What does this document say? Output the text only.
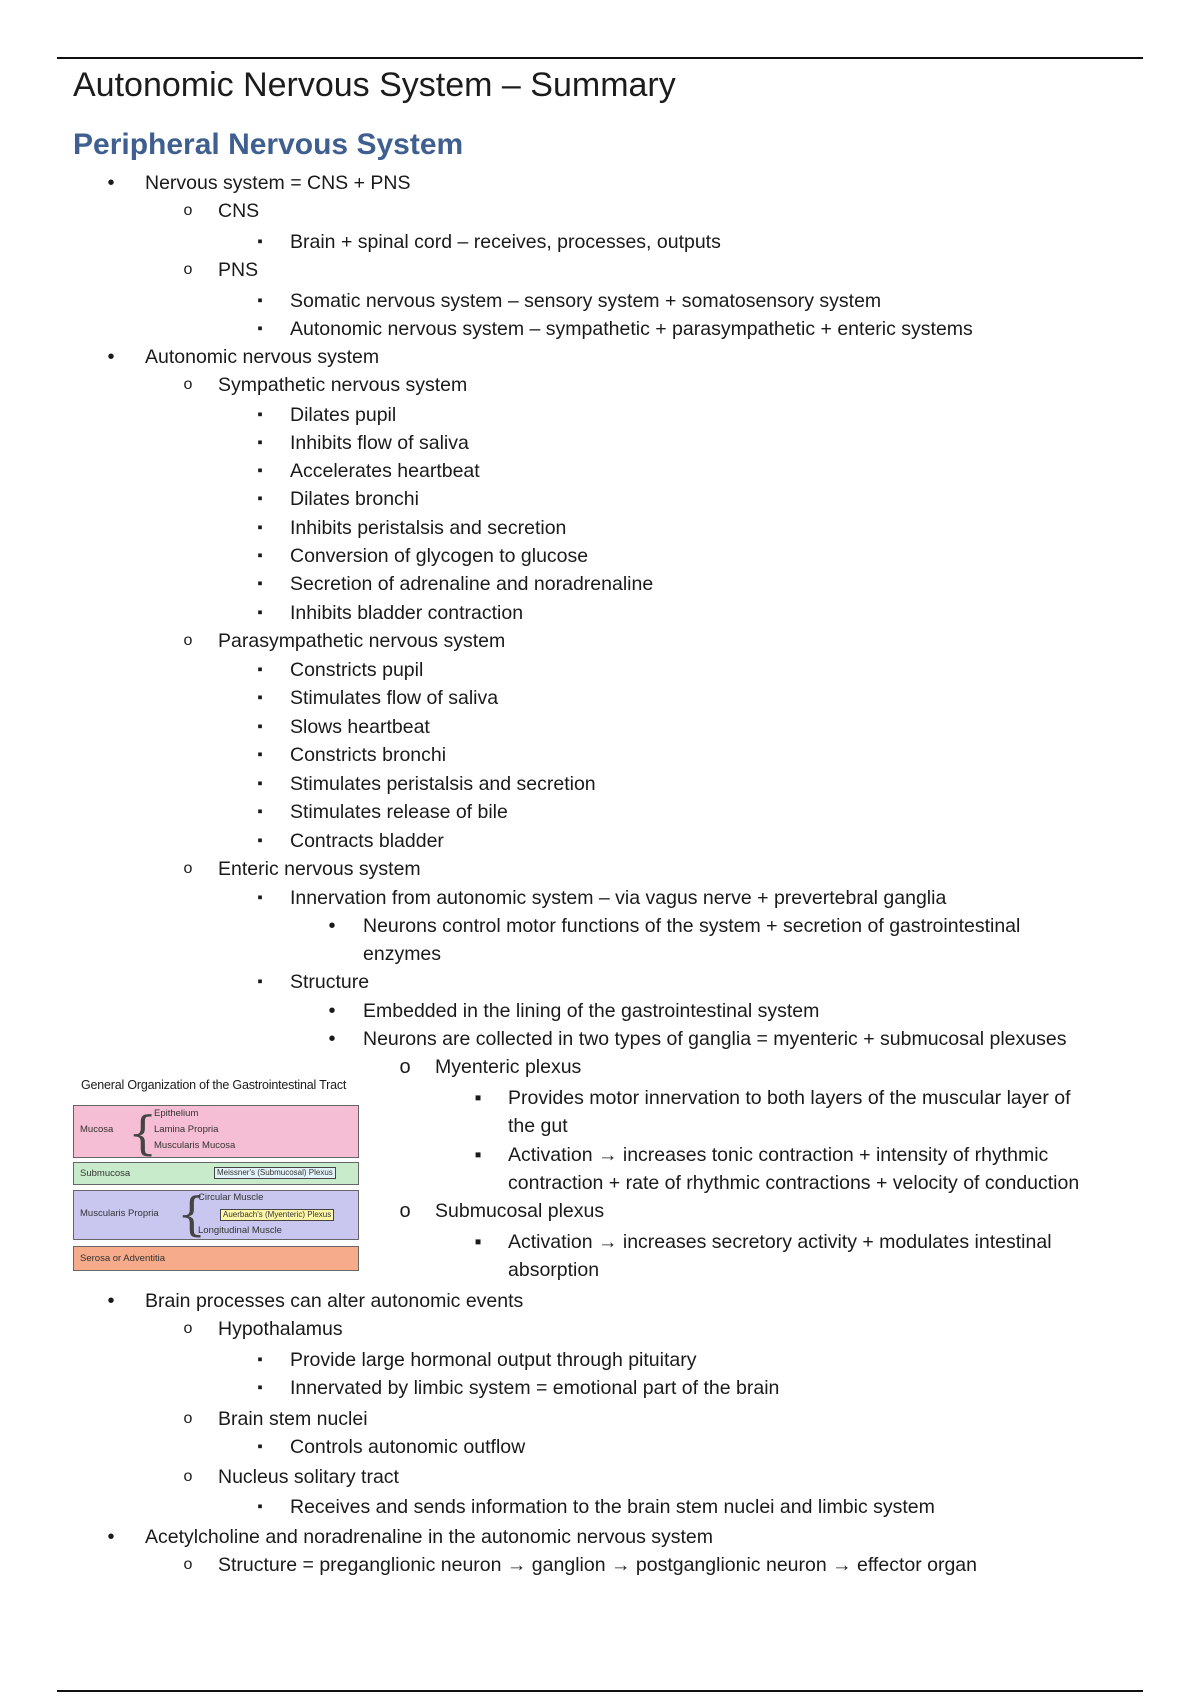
Autonomic Nervous System – Summary
Peripheral Nervous System
•	Nervous system = CNS + PNS
o CNS
▪	Brain + spinal cord – receives, processes, outputs
o PNS
▪	Somatic nervous system – sensory system + somatosensory system
▪	Autonomic nervous system – sympathetic + parasympathetic + enteric systems
•	Autonomic nervous system
o Sympathetic nervous system
▪	Dilates pupil
▪	Inhibits flow of saliva
▪	Accelerates heartbeat
▪	Dilates bronchi
▪	Inhibits peristalsis and secretion
▪	Conversion of glycogen to glucose
▪	Secretion of adrenaline and noradrenaline
▪	Inhibits bladder contraction
o Parasympathetic nervous system
▪	Constricts pupil
▪	Stimulates flow of saliva
▪	Slows heartbeat
▪	Constricts bronchi
▪	Stimulates peristalsis and secretion
▪	Stimulates release of bile
▪	Contracts bladder
o Enteric nervous system
▪	Innervation from autonomic system – via vagus nerve + prevertebral ganglia
•	Neurons control motor functions of the system + secretion of gastrointestinal
enzymes
▪	Structure
•	Embedded in the lining of the gastrointestinal system
•	Neurons are collected in two types of ganglia = myenteric + submucosal plexuses
o Myenteric plexus
▪	Provides motor innervation to both layers of the muscular layer of
the gut
▪	Activation → increases tonic contraction + intensity of rhythmic
contraction + rate of rhythmic contractions + velocity of conduction
o Submucosal plexus
▪	Activation → increases secretory activity + modulates intestinal
absorption
•	Brain processes can alter autonomic events
o Hypothalamus
▪	Provide large hormonal output through pituitary
▪	Innervated by limbic system = emotional part of the brain
o Brain stem nuclei
▪	Controls autonomic outflow
o Nucleus solitary tract
▪	Receives and sends information to the brain stem nuclei and limbic system
•	Acetylcholine and noradrenaline in the autonomic nervous system
o Structure = preganglionic neuron → ganglion → postganglionic neuron → effector organ
General Organization of the Gastrointestinal Tract
Mucosa {
Epithelium
Lamina Propria
Muscularis Mucosa
Submucosa	Meissner's (Submucosal) Plexus
Muscularis Propria {
Circular Muscle
Auerbach's (Myenteric) Plexus
Longitudinal Muscle
Serosa or Adventitia
